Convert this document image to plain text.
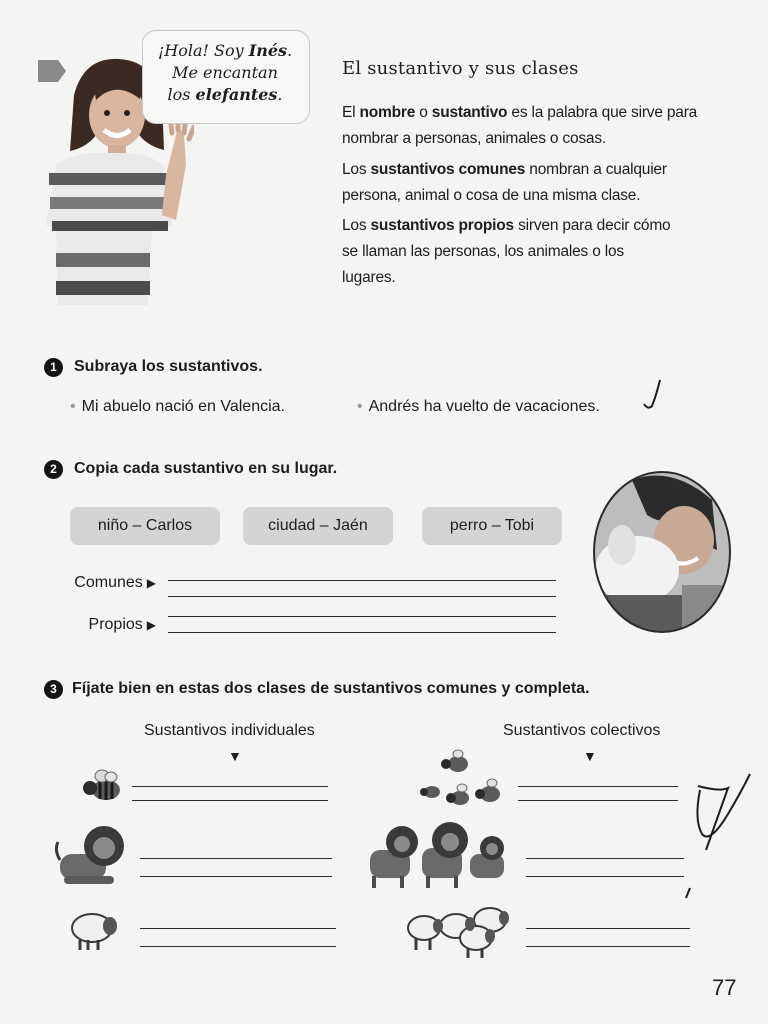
¡Hola! Soy Inés.
Me encantan
los elefantes.
El sustantivo y sus clases
El nombre o sustantivo es la palabra que sirve para nombrar a personas, animales o cosas.
Los sustantivos comunes nombran a cualquier persona, animal o cosa de una misma clase.
Los sustantivos propios sirven para decir cómo se llaman las personas, los animales o los lugares.
1	Subraya los sustantivos.
• Mi abuelo nació en Valencia.	• Andrés ha vuelto de vacaciones.
2	Copia cada sustantivo en su lugar.
niño – Carlos	ciudad – Jaén	perro – Tobi
Comunes ▶
Propios ▶
3 Fíjate bien en estas dos clases de sustantivos comunes y completa.
Sustantivos individuales	Sustantivos colectivos
▼	▼
77
